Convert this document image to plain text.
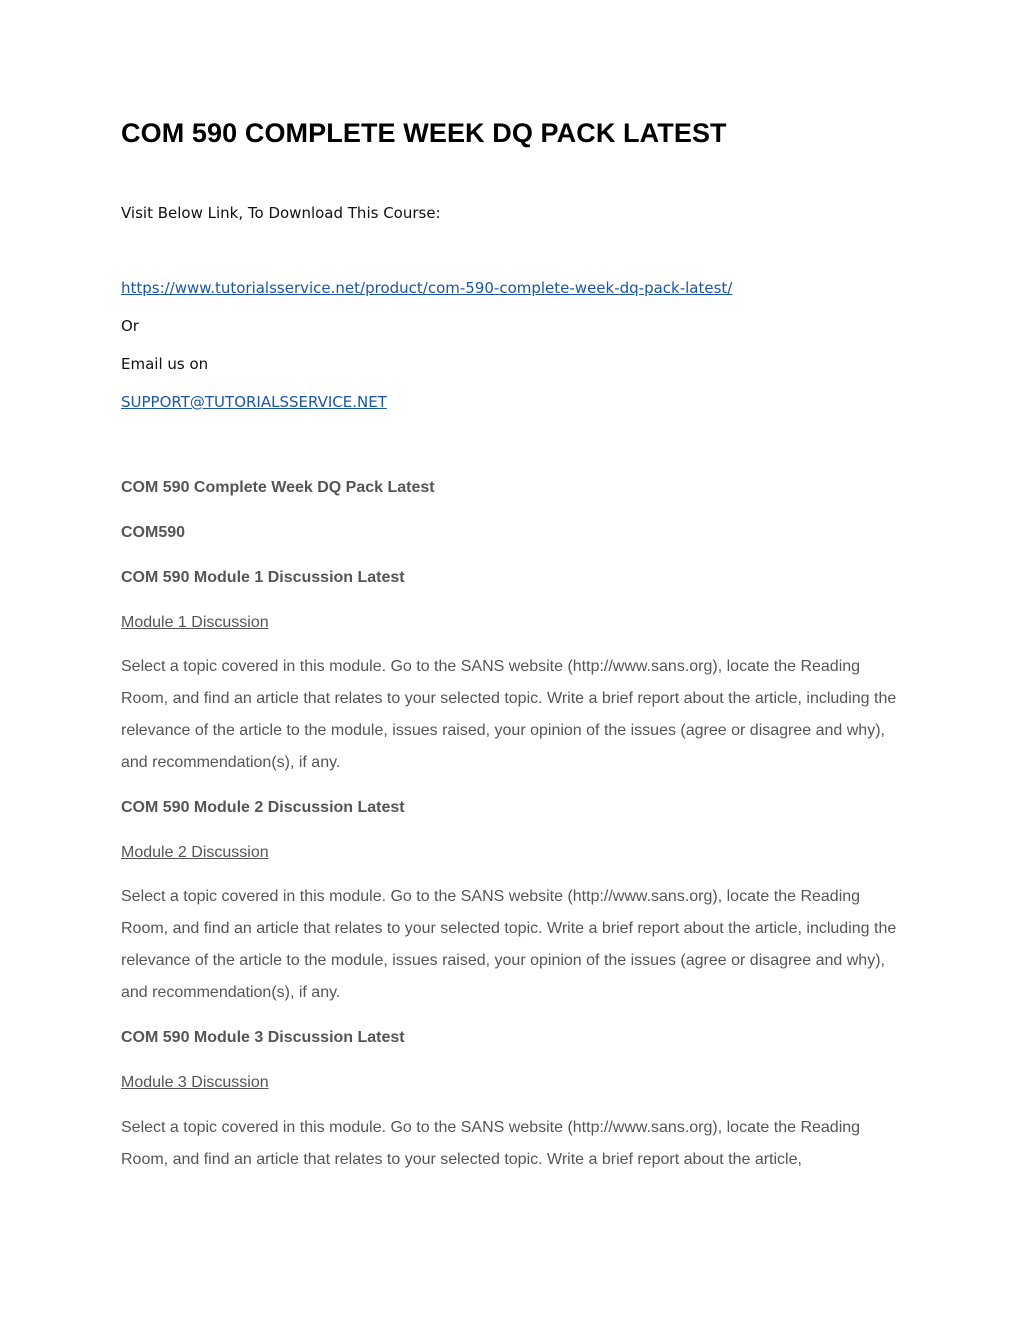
COM 590 COMPLETE WEEK DQ PACK LATEST

Visit Below Link, To Download This Course:

https://www.tutorialsservice.net/product/com-590-complete-week-dq-pack-latest/

Or

Email us on

SUPPORT@TUTORIALSSERVICE.NET

COM 590 Complete Week DQ Pack Latest

COM590

COM 590 Module 1 Discussion Latest

Module 1 Discussion

Select a topic covered in this module. Go to the SANS website (http://www.sans.org), locate the Reading Room, and find an article that relates to your selected topic. Write a brief report about the article, including the relevance of the article to the module, issues raised, your opinion of the issues (agree or disagree and why), and recommendation(s), if any.

COM 590 Module 2 Discussion Latest

Module 2 Discussion

Select a topic covered in this module. Go to the SANS website (http://www.sans.org), locate the Reading Room, and find an article that relates to your selected topic. Write a brief report about the article, including the relevance of the article to the module, issues raised, your opinion of the issues (agree or disagree and why), and recommendation(s), if any.

COM 590 Module 3 Discussion Latest

Module 3 Discussion

Select a topic covered in this module. Go to the SANS website (http://www.sans.org), locate the Reading Room, and find an article that relates to your selected topic. Write a brief report about the article,
